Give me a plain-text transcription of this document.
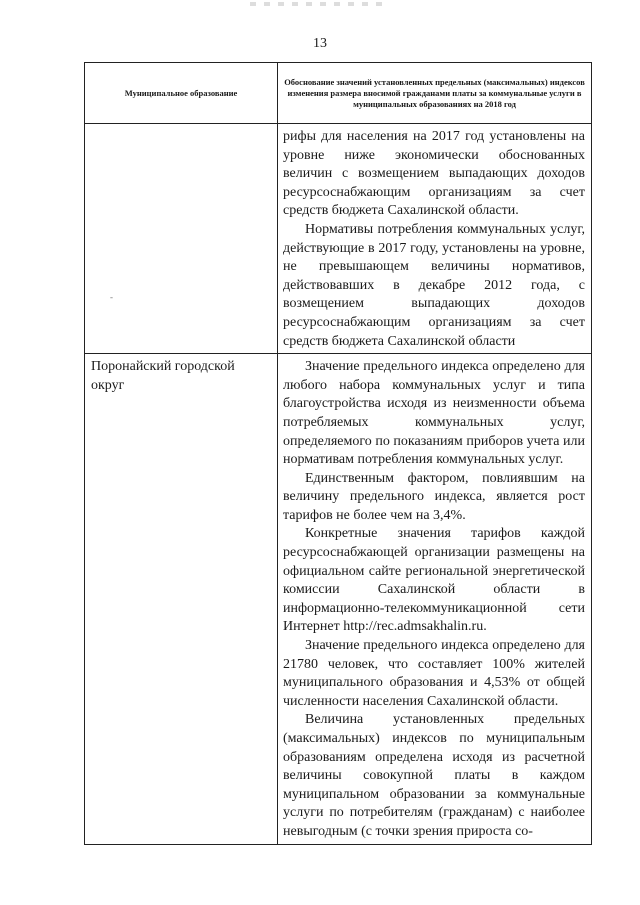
13
Муниципальное образование	Обоснование значений установленных предельных (максимальных) индексов изменения размера вносимой гражданами платы за коммунальные услуги в муниципальных образованиях на 2018 год

	рифы для населения на 2017 год установлены на уровне ниже экономически обоснованных величин с возмещением выпадающих доходов ресурсоснабжающим организациям за счет средств бюджета Сахалинской области.

Нормативы потребления коммунальных услуг, действующие в 2017 году, установлены на уровне, не превышающем величины нормативов, действовавших в декабре 2012 года, с возмещением выпадающих доходов ресурсоснабжающим организациям за счет средств бюджета Сахалинской области

Поронайский городской округ	Значение предельного индекса определено для любого набора коммунальных услуг и типа благоустройства исходя из неизменности объема потребляемых коммунальных услуг, определяемого по показаниям приборов учета или нормативам потребления коммунальных услуг.

Единственным фактором, повлиявшим на величину предельного индекса, является рост тарифов не более чем на 3,4%.

Конкретные значения тарифов каждой ресурсоснабжающей организации размещены на официальном сайте региональной энергетической комиссии Сахалинской области в информационно-телекоммуникационной сети Интернет http://rec.admsakhalin.ru.

Значение предельного индекса определено для 21780 человек, что составляет 100% жителей муниципального образования и 4,53% от общей численности населения Сахалинской области.

Величина установленных предельных (максимальных) индексов по муниципальным образованиям определена исходя из расчетной величины совокупной платы в каждом муниципальном образовании за коммунальные услуги по потребителям (гражданам) с наиболее невыгодным (с точки зрения прироста со-

-
